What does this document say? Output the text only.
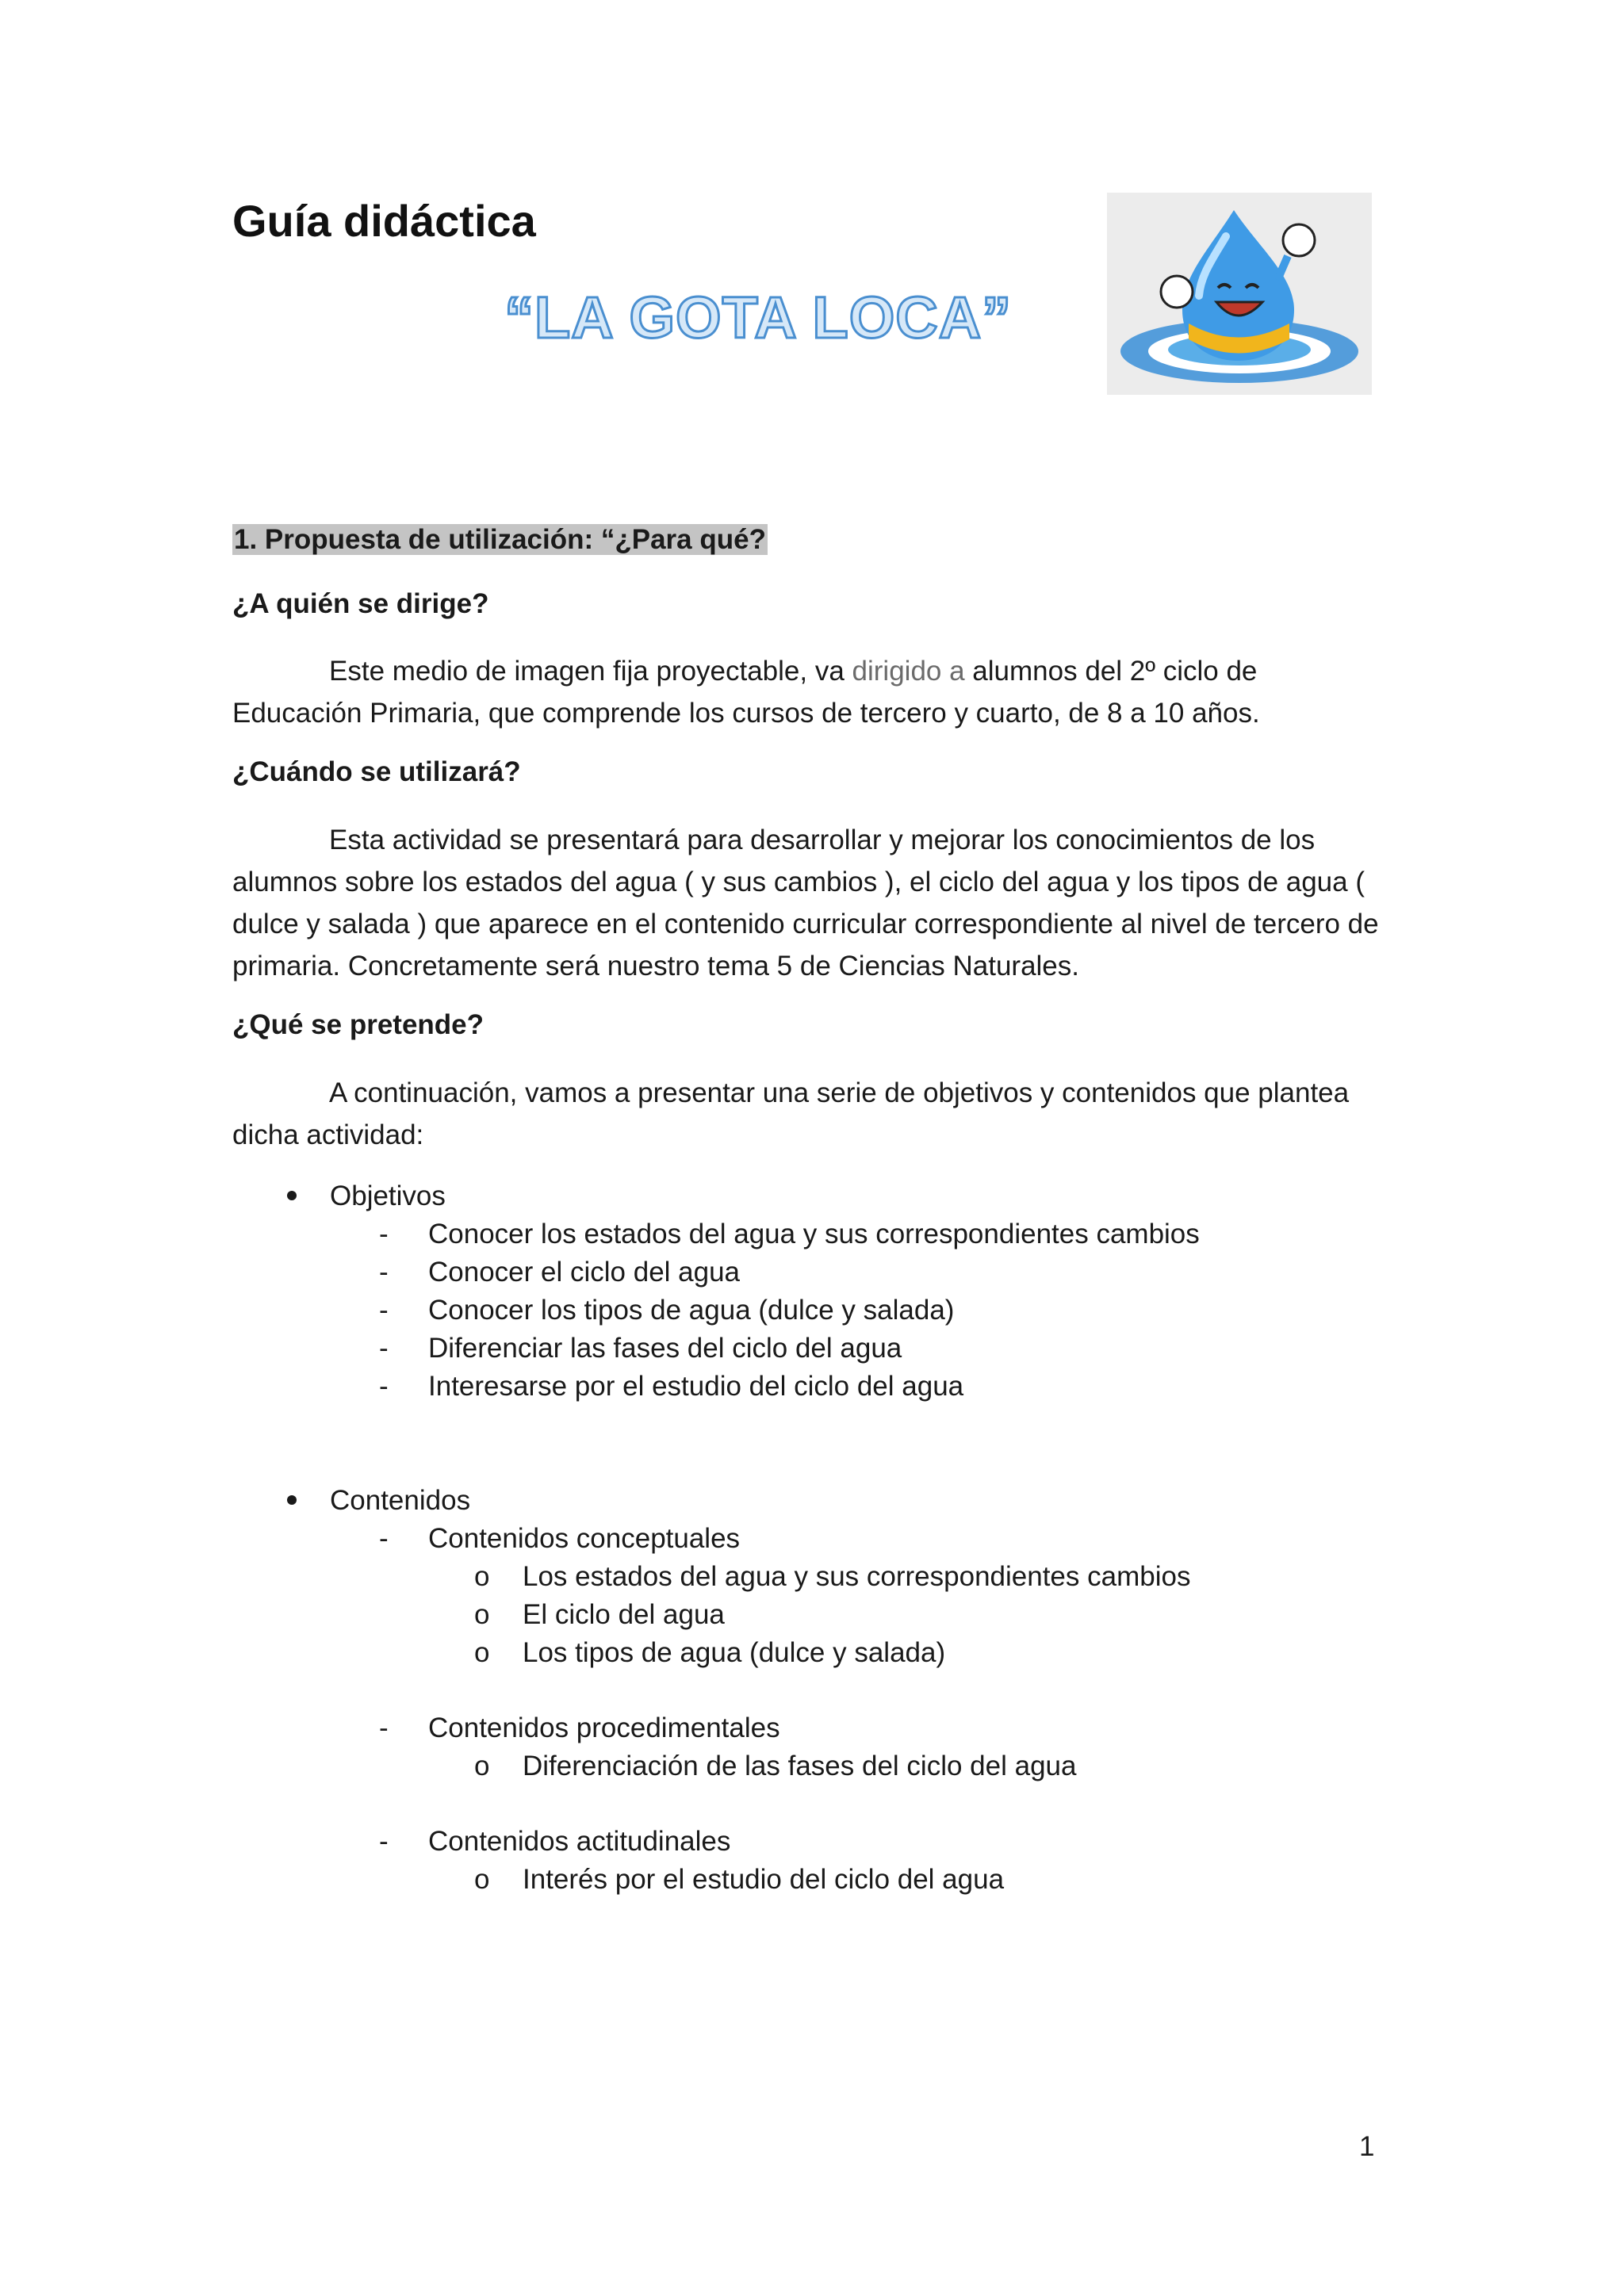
Guía didáctica
“LA GOTA LOCA”
1. Propuesta de utilización: “¿Para qué?
¿A quién se dirige?
Este medio de imagen fija proyectable, va dirigido a alumnos del 2º ciclo de
Educación Primaria, que comprende los cursos de tercero y cuarto, de 8 a 10 años.
¿Cuándo se utilizará?
Esta actividad se presentará para desarrollar y mejorar los conocimientos de los
alumnos sobre los estados del agua ( y sus cambios ), el ciclo del agua y los tipos de agua (
dulce y salada ) que aparece en el contenido curricular correspondiente al nivel de tercero de
primaria. Concretamente será nuestro tema 5 de Ciencias Naturales.
¿Qué se pretende?
A continuación, vamos a presentar una serie de objetivos y contenidos que plantea
dicha actividad:
Objetivos
- Conocer los estados del agua y sus correspondientes cambios
- Conocer el ciclo del agua
- Conocer los tipos de agua (dulce y salada)
- Diferenciar las fases del ciclo del agua
- Interesarse por el estudio del ciclo del agua
Contenidos
- Contenidos conceptuales
o Los estados del agua y sus correspondientes cambios
o El ciclo del agua
o Los tipos de agua (dulce y salada)
- Contenidos procedimentales
o Diferenciación de las fases del ciclo del agua
- Contenidos actitudinales
o Interés por el estudio del ciclo del agua
1
